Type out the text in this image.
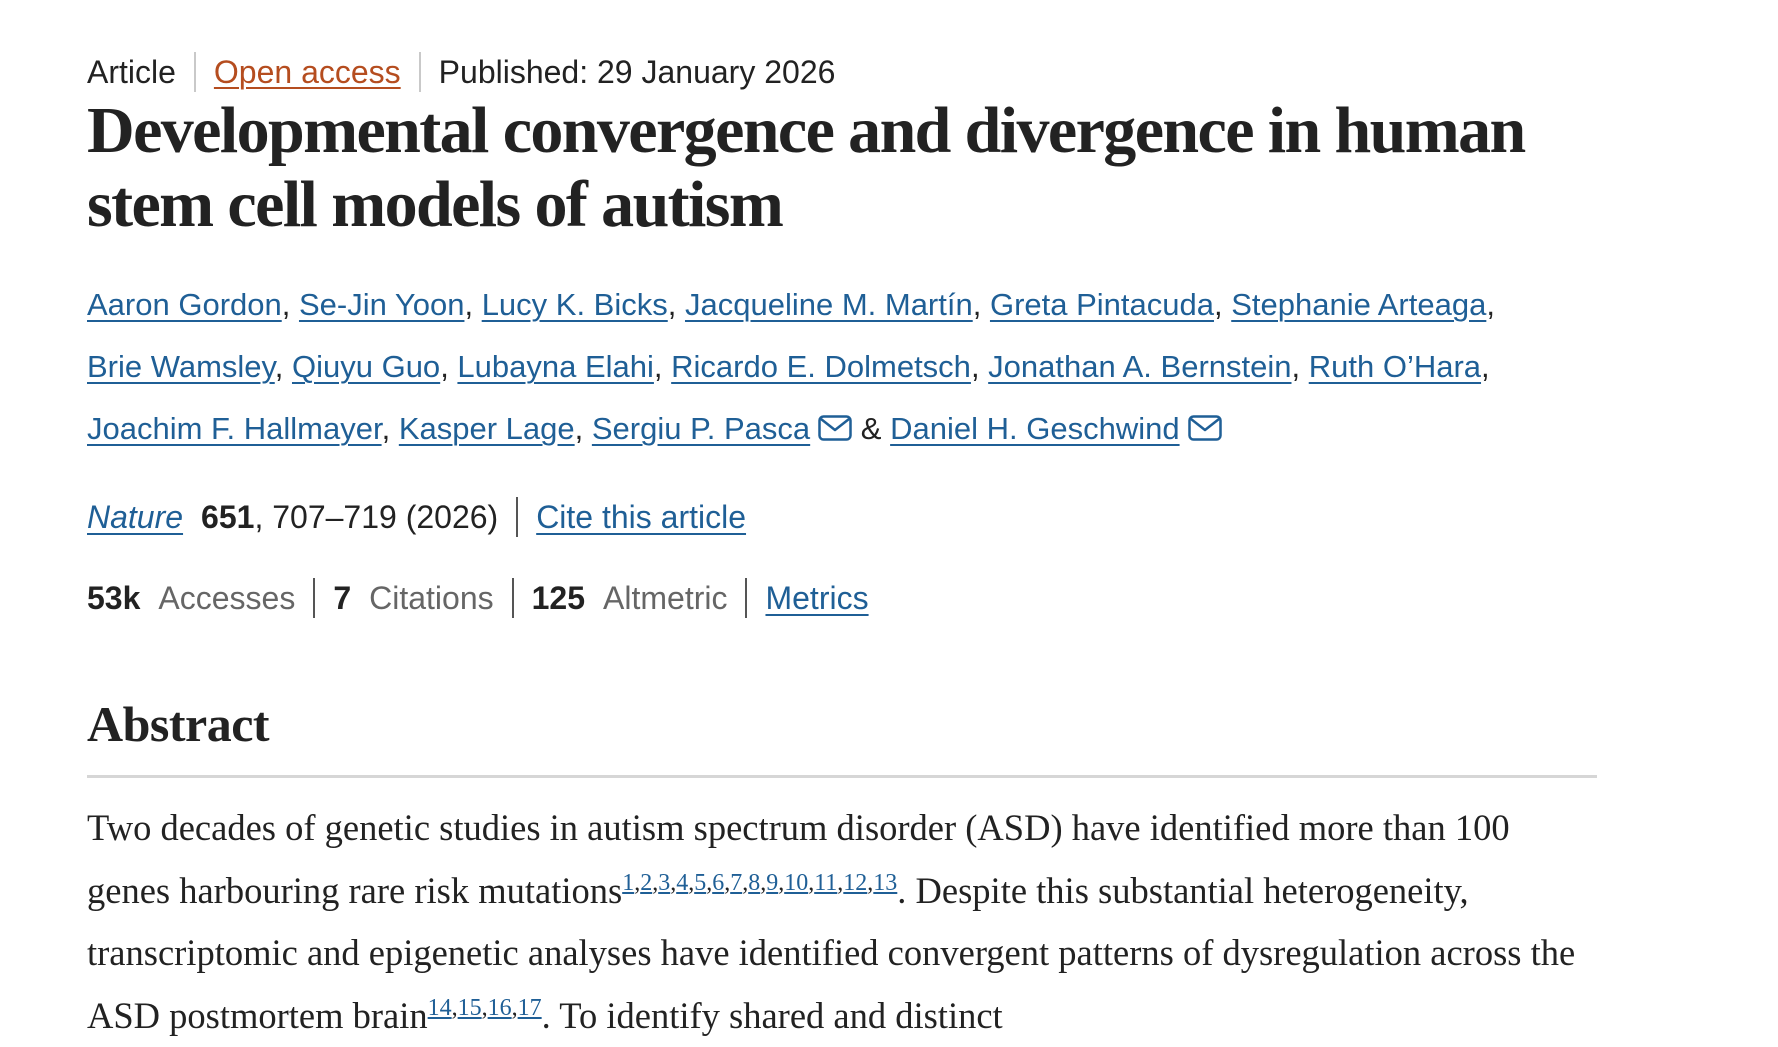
Article Open access Published: 29 January 2026
Developmental convergence and divergence in human stem cell models of autism
Aaron Gordon, Se-Jin Yoon, Lucy K. Bicks, Jacqueline M. Martín, Greta Pintacuda, Stephanie Arteaga,
Brie Wamsley, Qiuyu Guo, Lubayna Elahi, Ricardo E. Dolmetsch, Jonathan A. Bernstein, Ruth O’Hara,
Joachim F. Hallmayer, Kasper Lage, Sergiu P. Pasca & Daniel H. Geschwind
Nature 651 , 707–719 (2026) Cite this article
53k Accesses 7 Citations 125 Altmetric Metrics
Abstract

Two decades of genetic studies in autism spectrum disorder (ASD) have identified more than 100 genes harbouring rare risk mutations$^{1,2,3,4,5,6,7,8,9,10,11,12,13}$. Despite this substantial heterogeneity, transcriptomic and epigenetic analyses have identified convergent patterns of dysregulation across the ASD postmortem brain$^{14,15,16,17}$. To identify shared and distinct
